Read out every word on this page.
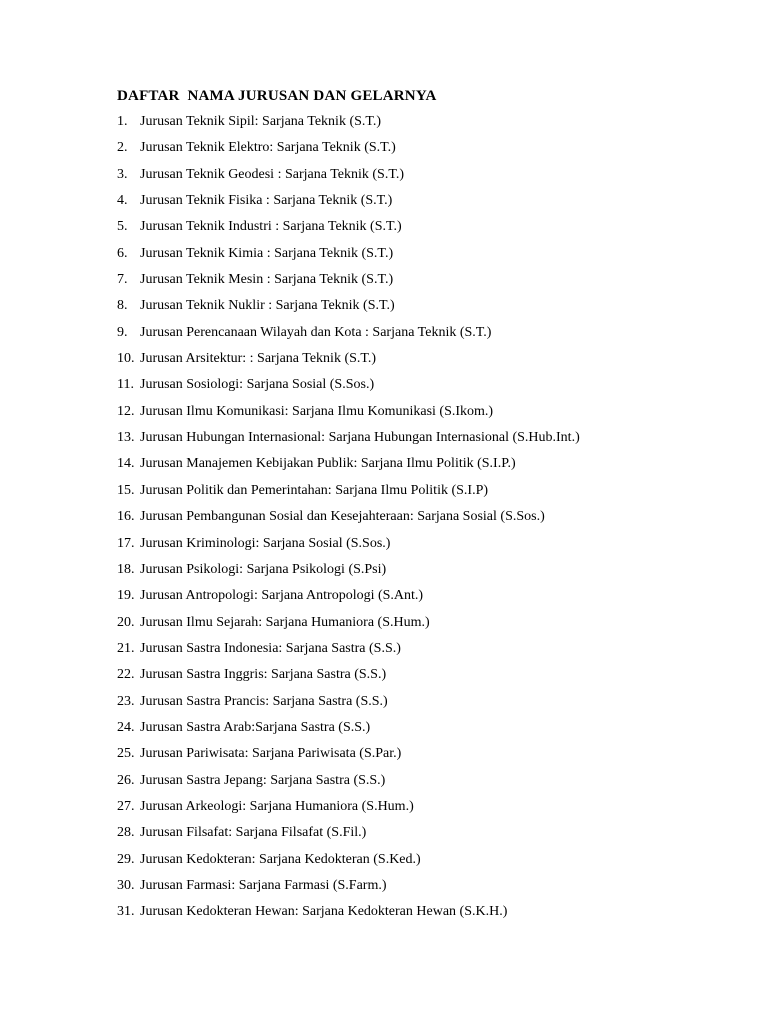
DAFTAR  NAMA JURUSAN DAN GELARNYA
1. Jurusan Teknik Sipil: Sarjana Teknik (S.T.)
2. Jurusan Teknik Elektro: Sarjana Teknik (S.T.)
3. Jurusan Teknik Geodesi : Sarjana Teknik (S.T.)
4. Jurusan Teknik Fisika : Sarjana Teknik (S.T.)
5. Jurusan Teknik Industri : Sarjana Teknik (S.T.)
6. Jurusan Teknik Kimia : Sarjana Teknik (S.T.)
7. Jurusan Teknik Mesin : Sarjana Teknik (S.T.)
8. Jurusan Teknik Nuklir : Sarjana Teknik (S.T.)
9. Jurusan Perencanaan Wilayah dan Kota : Sarjana Teknik (S.T.)
10. Jurusan Arsitektur: : Sarjana Teknik (S.T.)
11. Jurusan Sosiologi: Sarjana Sosial (S.Sos.)
12. Jurusan Ilmu Komunikasi: Sarjana Ilmu Komunikasi (S.Ikom.)
13. Jurusan Hubungan Internasional: Sarjana Hubungan Internasional (S.Hub.Int.)
14. Jurusan Manajemen Kebijakan Publik: Sarjana Ilmu Politik (S.I.P.)
15. Jurusan Politik dan Pemerintahan: Sarjana Ilmu Politik (S.I.P)
16. Jurusan Pembangunan Sosial dan Kesejahteraan: Sarjana Sosial (S.Sos.)
17. Jurusan Kriminologi: Sarjana Sosial (S.Sos.)
18. Jurusan Psikologi: Sarjana Psikologi (S.Psi)
19. Jurusan Antropologi: Sarjana Antropologi (S.Ant.)
20. Jurusan Ilmu Sejarah: Sarjana Humaniora (S.Hum.)
21. Jurusan Sastra Indonesia: Sarjana Sastra (S.S.)
22. Jurusan Sastra Inggris: Sarjana Sastra (S.S.)
23. Jurusan Sastra Prancis: Sarjana Sastra (S.S.)
24. Jurusan Sastra Arab:Sarjana Sastra (S.S.)
25. Jurusan Pariwisata: Sarjana Pariwisata (S.Par.)
26. Jurusan Sastra Jepang: Sarjana Sastra (S.S.)
27. Jurusan Arkeologi: Sarjana Humaniora (S.Hum.)
28. Jurusan Filsafat: Sarjana Filsafat (S.Fil.)
29. Jurusan Kedokteran: Sarjana Kedokteran (S.Ked.)
30. Jurusan Farmasi: Sarjana Farmasi (S.Farm.)
31. Jurusan Kedokteran Hewan: Sarjana Kedokteran Hewan (S.K.H.)
